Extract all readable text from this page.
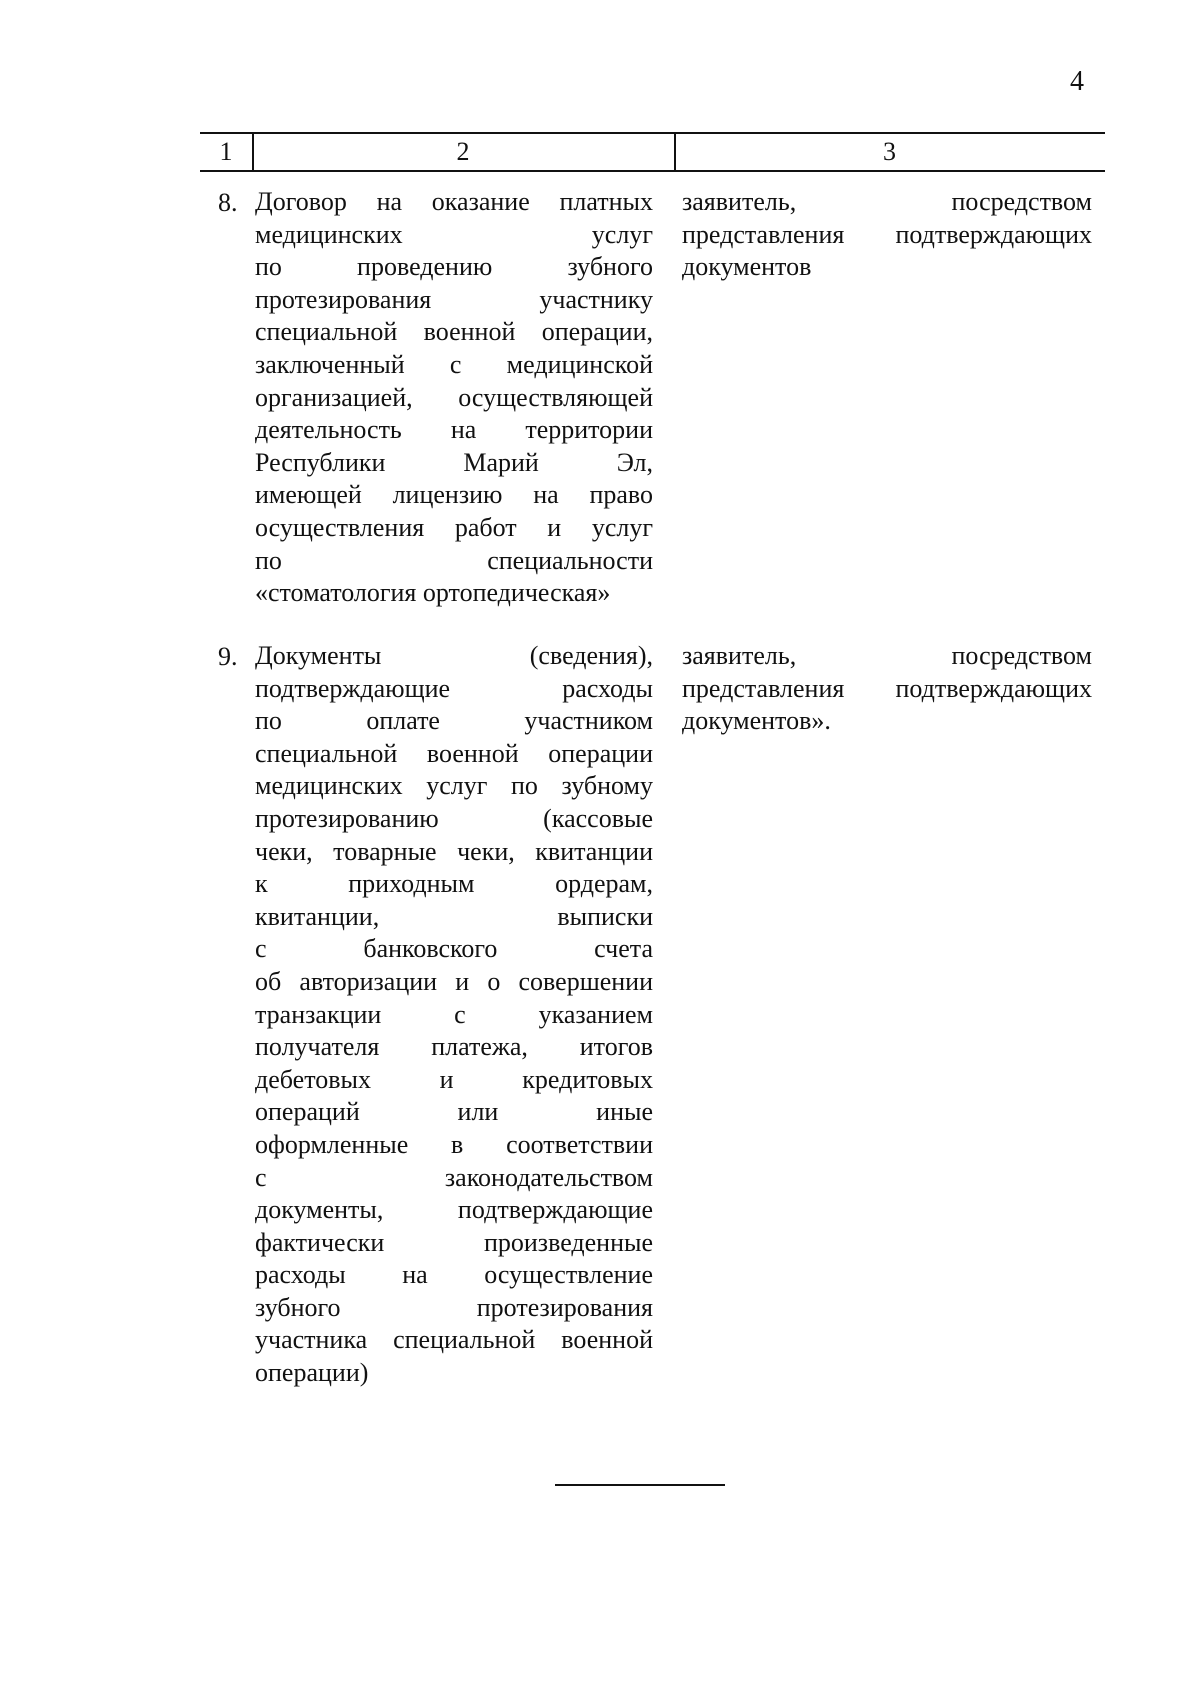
4
1	2	3
8. Договор на оказание платных
медицинских услуг
по проведению зубного
протезирования участнику
специальной военной операции,
заключенный с медицинской
организацией, осуществляющей
деятельность на территории
Республики Марий Эл,
имеющей лицензию на право
осуществления работ и услуг
по специальности
«стоматология ортопедическая»
заявитель, посредством
представления подтверждающих
документов
9. Документы (сведения),
подтверждающие расходы
по оплате участником
специальной военной операции
медицинских услуг по зубному
протезированию (кассовые
чеки, товарные чеки, квитанции
к приходным ордерам,
квитанции, выписки
с банковского счета
об авторизации и о совершении
транзакции с указанием
получателя платежа, итогов
дебетовых и кредитовых
операций или иные
оформленные в соответствии
с законодательством
документы, подтверждающие
фактически произведенные
расходы на осуществление
зубного протезирования
участника специальной военной
операции)
заявитель, посредством
представления подтверждающих
документов».
